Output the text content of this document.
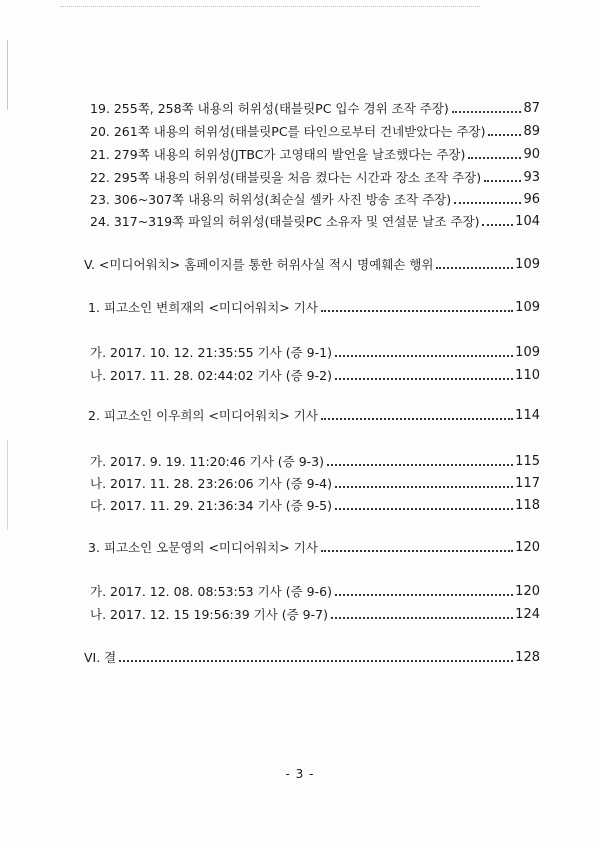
19. 255쪽, 258쪽 내용의 허위성(태블릿PC 입수 경위 조작 주장)	87
20. 261쪽 내용의 허위성(태블릿PC를 타인으로부터 건네받았다는 주장)	89
21. 279쪽 내용의 허위성(JTBC가 고영태의 발언을 날조했다는 주장)	90
22. 295쪽 내용의 허위성(태블릿을 처음 켰다는 시간과 장소 조작 주장)	93
23. 306~307쪽 내용의 허위성(최순실 셀카 사진 방송 조작 주장)	96
24. 317~319쪽 파일의 허위성(태블릿PC 소유자 및 연설문 날조 주장)	104
V. <미디어워치> 홈페이지를 통한 허위사실 적시 명예훼손 행위	109
1. 피고소인 변희재의 <미디어워치> 기사	109
가. 2017. 10. 12. 21:35:55 기사 (증 9-1)	109
나. 2017. 11. 28. 02:44:02 기사 (증 9-2)	110
2. 피고소인 이우희의 <미디어워치> 기사	114
가. 2017. 9. 19. 11:20:46 기사 (증 9-3)	115
나. 2017. 11. 28. 23:26:06 기사 (증 9-4)	117
다. 2017. 11. 29. 21:36:34 기사 (증 9-5)	118
3. 피고소인 오문영의 <미디어워치> 기사	120
가. 2017. 12. 08. 08:53:53 기사 (증 9-6)	120
나. 2017. 12. 15 19:56:39 기사 (증 9-7)	124
VI. 결	128
- 3 -
